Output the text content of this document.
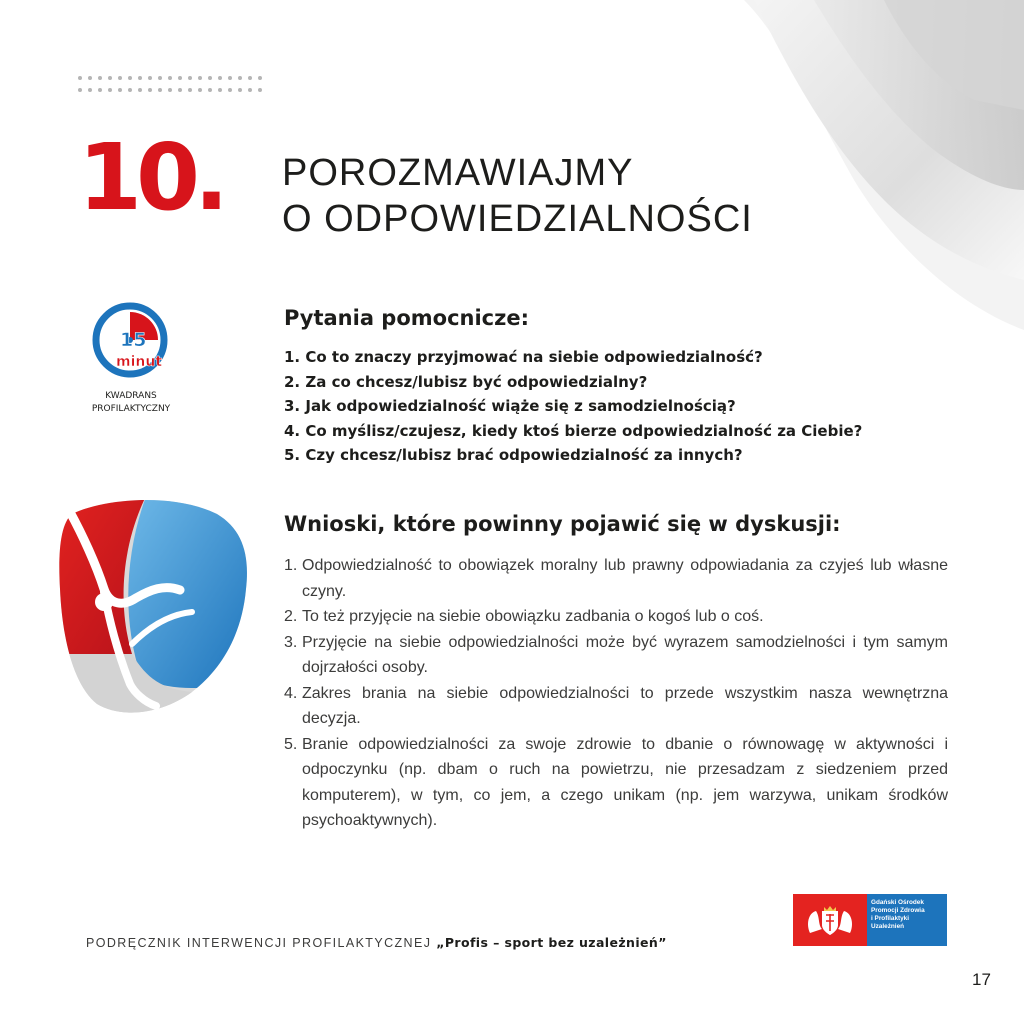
10. POROZMAWIAJMY
O ODPOWIEDZIALNOŚCI
15
minut
KWADRANS
PROFILAKTYCZNY
Pytania pomocnicze:
1. Co to znaczy przyjmować na siebie odpowiedzialność?
2. Za co chcesz/lubisz być odpowiedzialny?
3. Jak odpowiedzialność wiąże się z samodzielnością?
4. Co myślisz/czujesz, kiedy ktoś bierze odpowiedzialność za Ciebie?
5. Czy chcesz/lubisz brać odpowiedzialność za innych?
Wnioski, które powinny pojawić się w dyskusji:
1. Odpowiedzialność to obowiązek moralny lub prawny odpowiadania za czyjeś lub własne czyny.
2. To też przyjęcie na siebie obowiązku zadbania o kogoś lub o coś.
3. Przyjęcie na siebie odpowiedzialności może być wyrazem samodzielności i tym samym dojrzałości osoby.
4. Zakres brania na siebie odpowiedzialności to przede wszystkim nasza wewnętrzna decyzja.
5. Branie odpowiedzialności za swoje zdrowie to dbanie o równowagę w aktywności i odpoczynku (np. dbam o ruch na powietrzu, nie przesadzam z siedzeniem przed komputerem), w tym, co jem, a czego unikam (np. jem warzywa, unikam środków psychoaktywnych).
PODRĘCZNIK INTERWENCJI PROFILAKTYCZNEJ „Profis – sport bez uzależnień”
Gdański Ośrodek
Promocji Zdrowia
i Profilaktyki
Uzależnień
17
